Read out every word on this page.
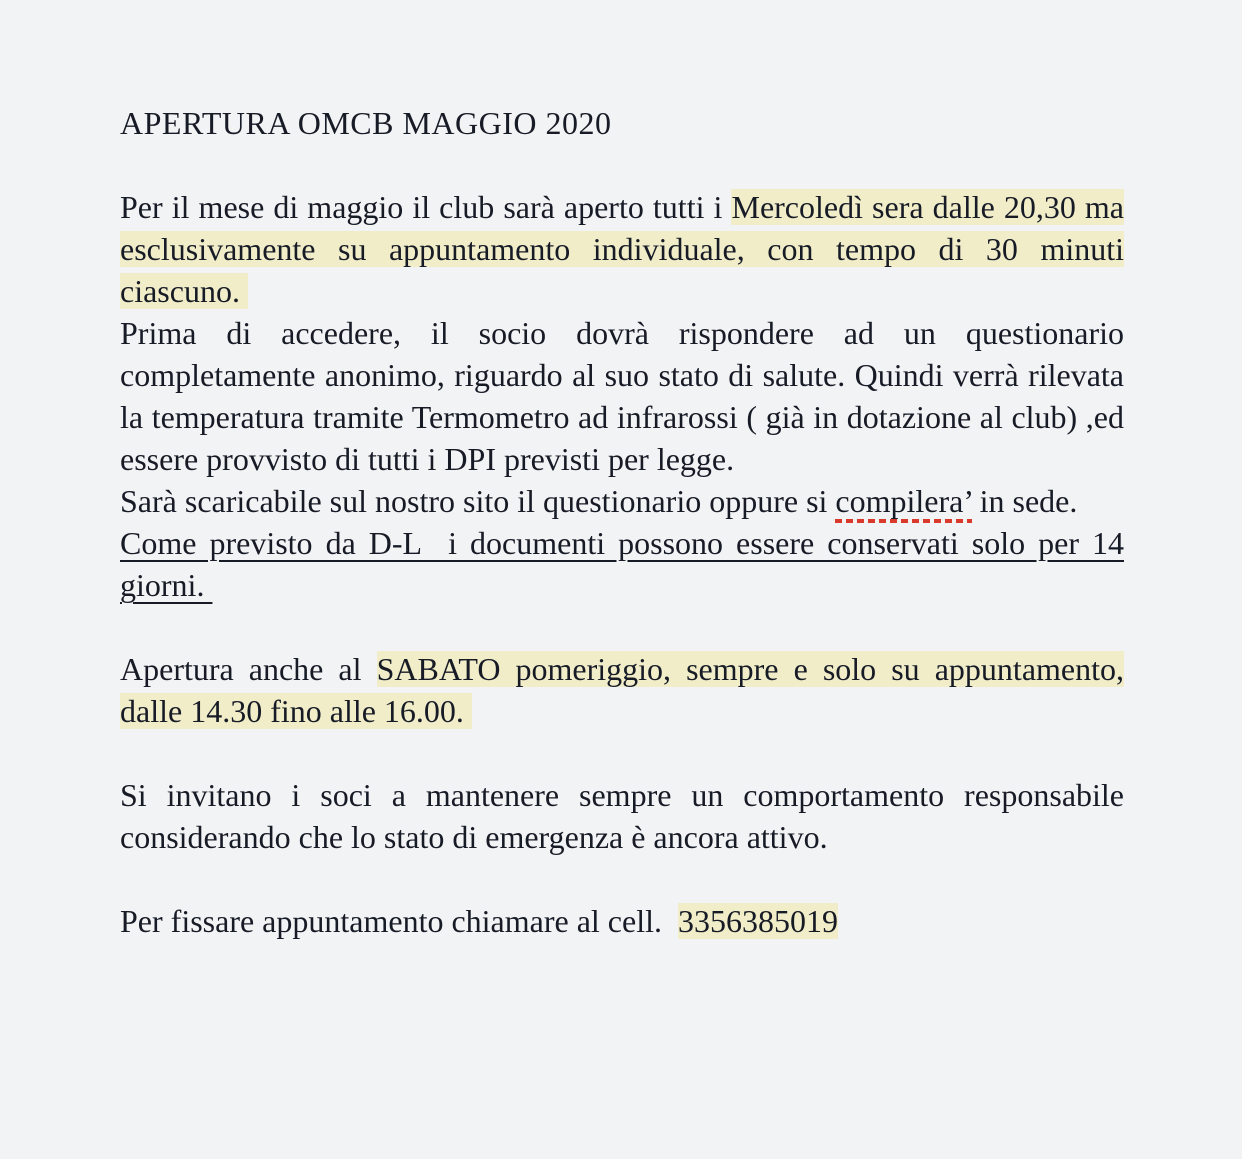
APERTURA OMCB MAGGIO 2020

Per il mese di maggio il club sarà aperto tutti i Mercoledì sera dalle 20,30 ma esclusivamente su appuntamento individuale, con tempo di 30 minuti ciascuno.

Prima di accedere, il socio dovrà rispondere ad un questionario completamente anonimo, riguardo al suo stato di salute. Quindi verrà rilevata la temperatura tramite Termometro ad infrarossi ( già in dotazione al club) ,ed essere provvisto di tutti i DPI previsti per legge.

Sarà scaricabile sul nostro sito il questionario oppure si compilera’ in sede.

Come previsto da D-L  i documenti possono essere conservati solo per 14 giorni.

Apertura anche al SABATO pomeriggio, sempre e solo su appuntamento, dalle 14.30 fino alle 16.00.

Si invitano i soci a mantenere sempre un comportamento responsabile considerando che lo stato di emergenza è ancora attivo.

Per fissare appuntamento chiamare al cell.  3356385019
